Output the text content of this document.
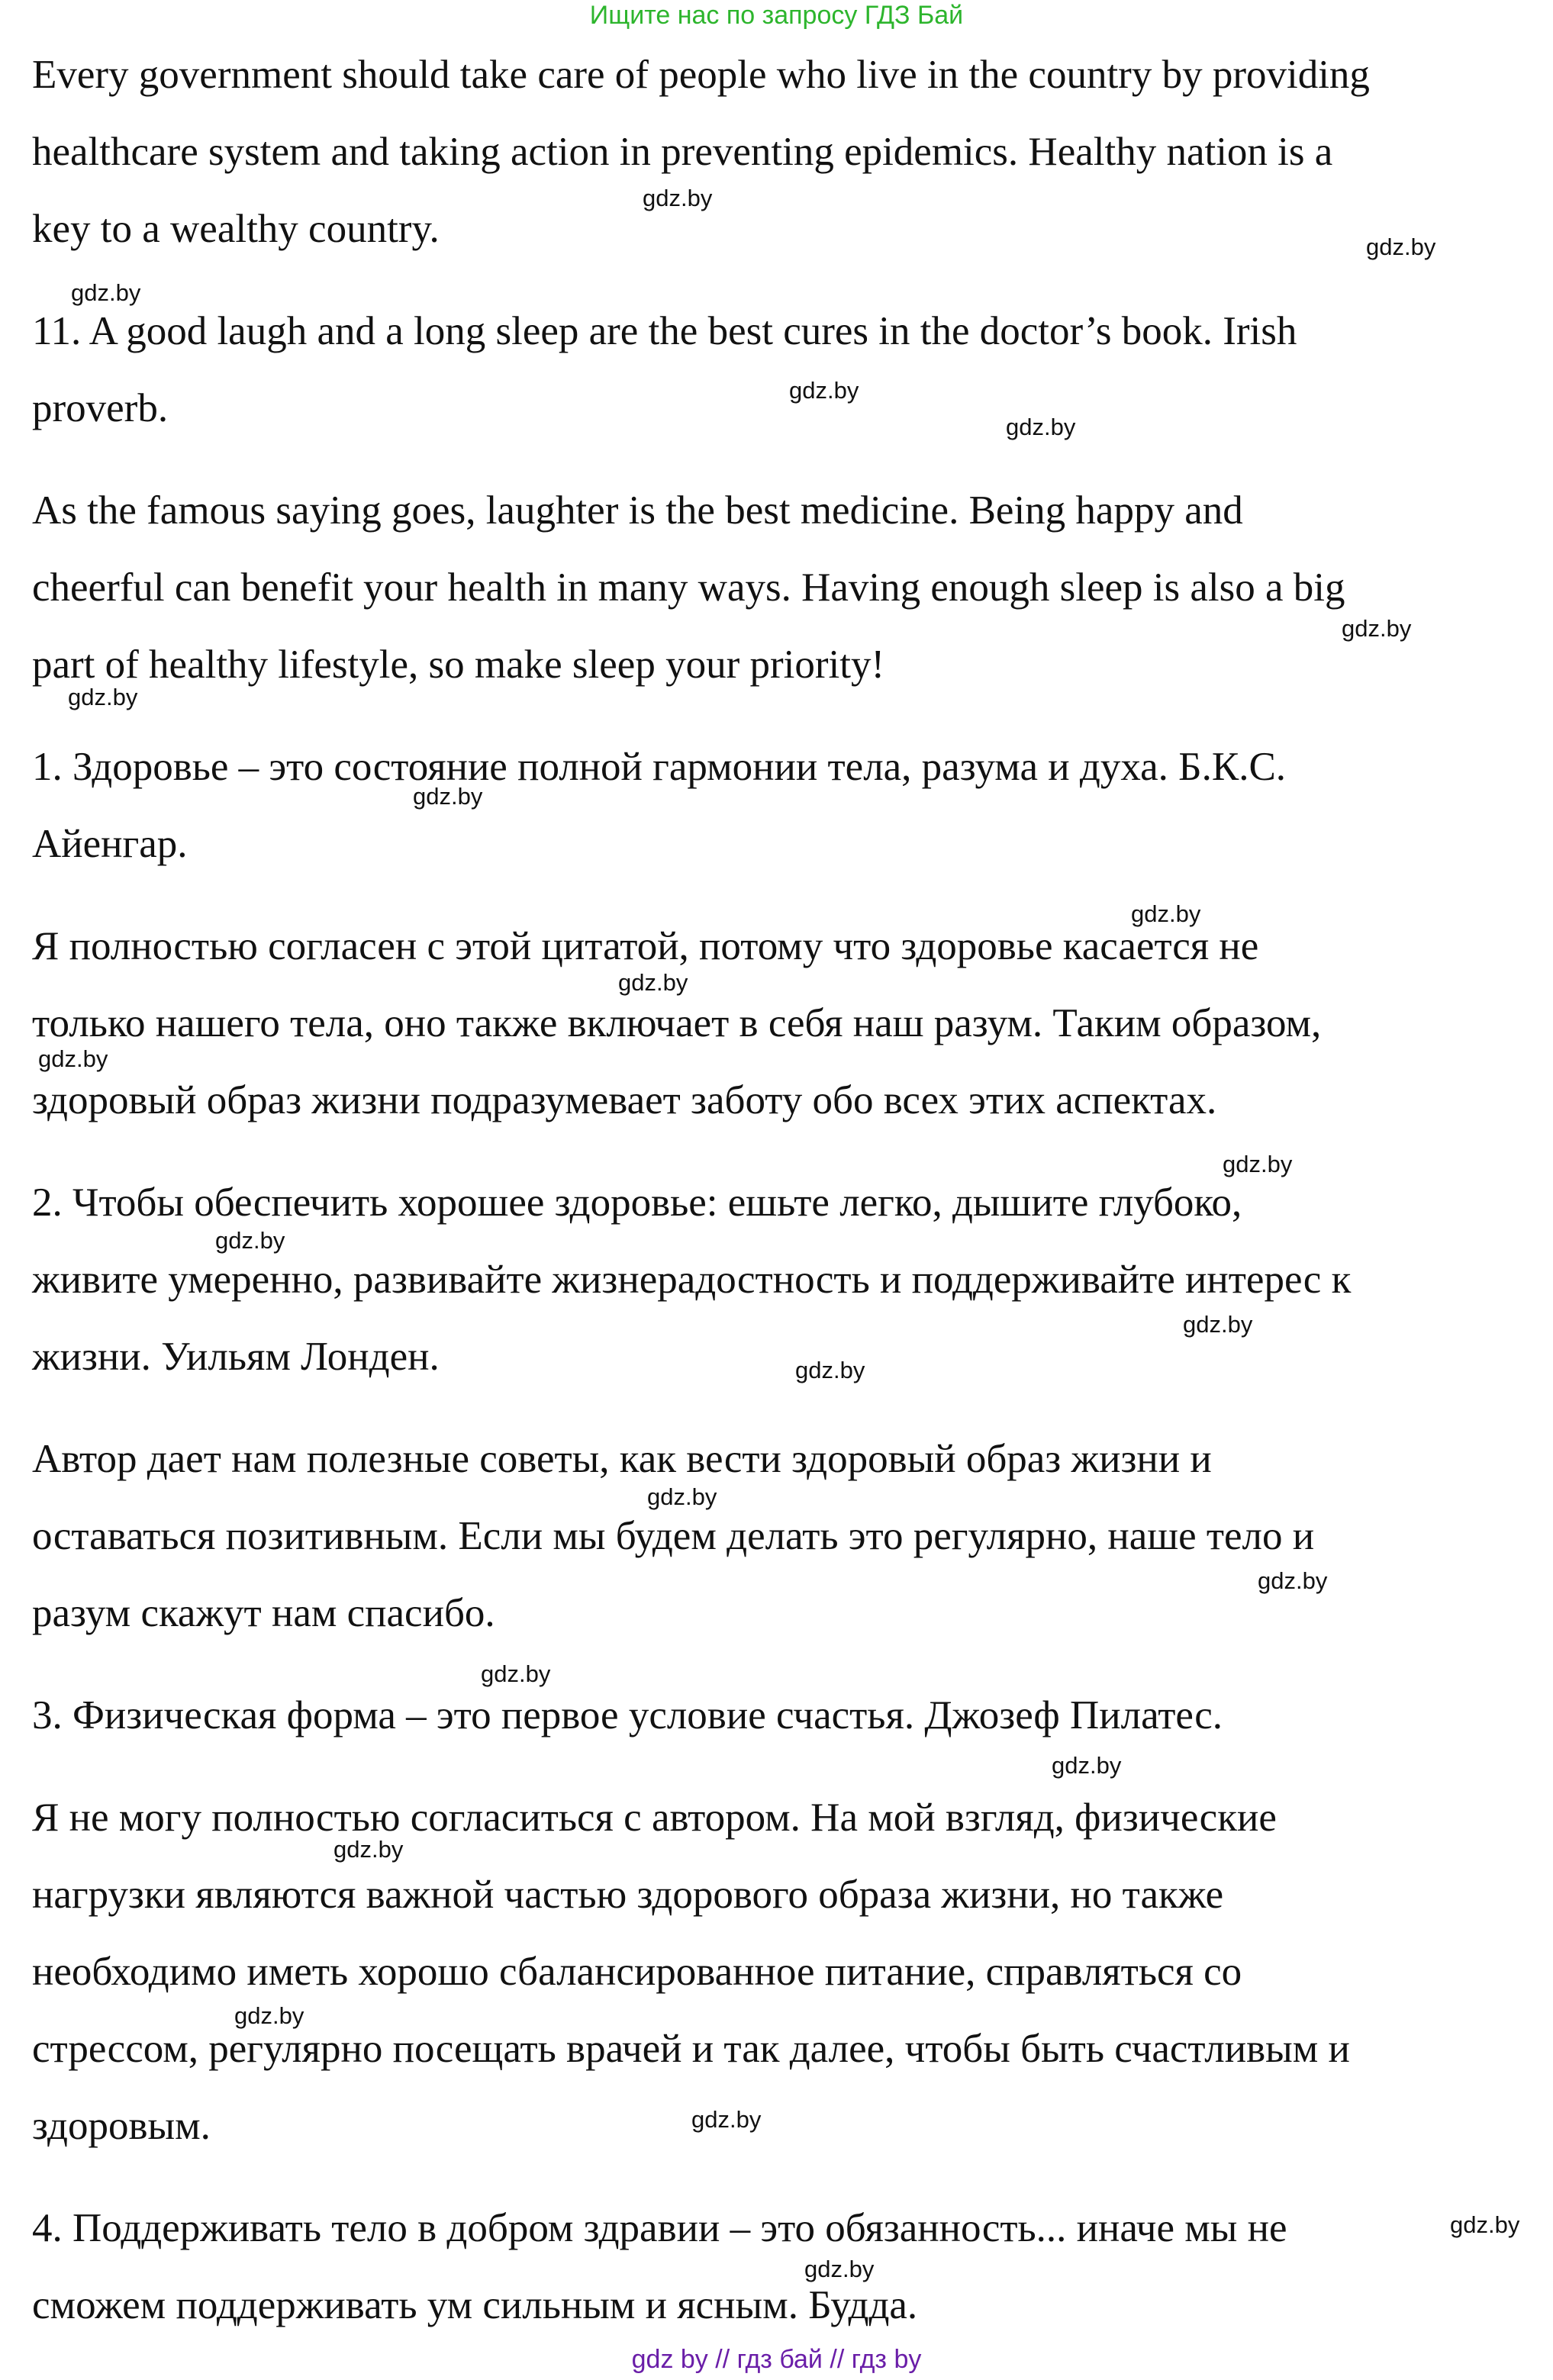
Ищите нас по запросу ГДЗ Бай
Every government should take care of people who live in the country by providing
healthcare system and taking action in preventing epidemics. Healthy nation is a
key to a wealthy country.
11. A good laugh and a long sleep are the best cures in the doctor’s book. Irish
proverb.
As the famous saying goes, laughter is the best medicine. Being happy and
cheerful can benefit your health in many ways. Having enough sleep is also a big
part of healthy lifestyle, so make sleep your priority!
1. Здоровье – это состояние полной гармонии тела, разума и духа. Б.К.С.
Айенгар.
Я полностью согласен с этой цитатой, потому что здоровье касается не
только нашего тела, оно также включает в себя наш разум. Таким образом,
здоровый образ жизни подразумевает заботу обо всех этих аспектах.
2. Чтобы обеспечить хорошее здоровье: ешьте легко, дышите глубоко,
живите умеренно, развивайте жизнерадостность и поддерживайте интерес к
жизни. Уильям Лонден.
Автор дает нам полезные советы, как вести здоровый образ жизни и
оставаться позитивным. Если мы будем делать это регулярно, наше тело и
разум скажут нам спасибо.
3. Физическая форма – это первое условие счастья. Джозеф Пилатес.
Я не могу полностью согласиться с автором. На мой взгляд, физические
нагрузки являются важной частью здорового образа жизни, но также
необходимо иметь хорошо сбалансированное питание, справляться со
стрессом, регулярно посещать врачей и так далее, чтобы быть счастливым и
здоровым.
4. Поддерживать тело в добром здравии – это обязанность... иначе мы не
сможем поддерживать ум сильным и ясным. Будда.
gdz.by
gdz.by
gdz.by
gdz.by
gdz.by
gdz.by
gdz.by
gdz.by
gdz.by
gdz.by
gdz.by
gdz.by
gdz.by
gdz.by
gdz.by
gdz.by
gdz.by
gdz.by
gdz.by
gdz.by
gdz.by
gdz.by
gdz.by
gdz.by
gdz by // гдз бай // гдз by
